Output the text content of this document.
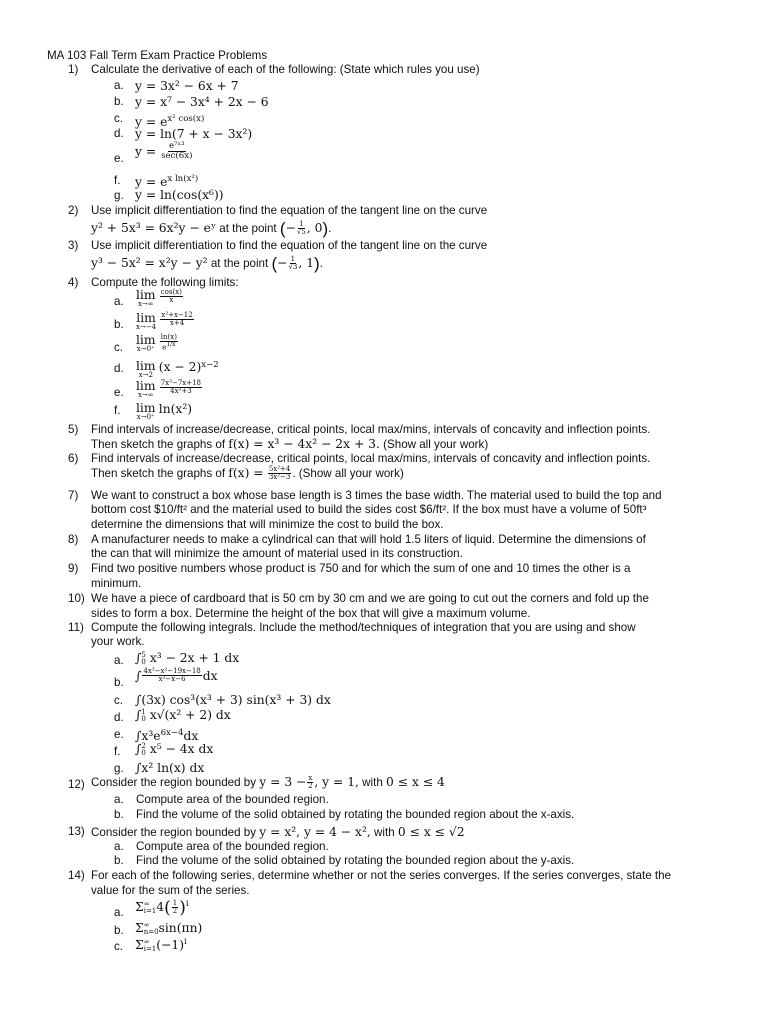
MA 103 Fall Term Exam Practice Problems
1) Calculate the derivative of each of the following: (State which rules you use)
a. y = 3x² − 6x + 7
b. y = x⁷ − 3x⁴ + 2x − 6
c. $y = e^{x^2 cos(x)}$
d. y = ln(7 + x − 3x²)
e. $y = \frac{\text{e⁷ˣ³}}{\sec(6x)}$
f. $y = e^{x ln(x^2)}$
g. y = ln(cos(x⁶))
2) Use implicit differentiation to find the equation of the tangent line on the curve
y² + 5x³ = 6x²y − eʸ at the point (− $\frac{1}{√5}$ , 0).
3) Use implicit differentiation to find the equation of the tangent line on the curve
y³ − 5x² = x²y − y² at the point (− $\frac{1}{√3}$ , 1).
4) Compute the following limits:
a. lim
x→∞
$\frac{\cos(x)}{x}$
b. lim
x→−4
$\frac{\text{x²+x−12}}{x+4}$
c.
lim
x→0⁺
$\frac{\ln(x)}{e^{1/x}}$
d. lim
x→2
$(x - 2)^{x-2}$
e. lim
x→∞
$\frac{\text{7x³−7x+18}}{\text{4x³+3}}$
f. lim
x→0⁺
ln(x²)
5) Find intervals of increase/decrease, critical points, local max/mins, intervals of concavity and inflection points.
Then sketch the graphs of f(x) = x³ − 4x² − 2x + 3. (Show all your work)
6) Find intervals of increase/decrease, critical points, local max/mins, intervals of concavity and inflection points.
Then sketch the graphs of $f(x) = \frac{\text{5x²+4}}{\text{3x²−3}}$ . (Show all your work)
7) We want to construct a box whose base length is 3 times the base width. The material used to build the top and
bottom cost $10/ft² and the material used to build the sides cost $6/ft². If the box must have a volume of 50ft³
determine the dimensions that will minimize the cost to build the box.
8) A manufacturer needs to make a cylindrical can that will hold 1.5 liters of liquid. Determine the dimensions of
the can that will minimize the amount of material used in its construction.
9) Find two positive numbers whose product is 750 and for which the sum of one and 10 times the other is a
minimum.
10) We have a piece of cardboard that is 50 cm by 30 cm and we are going to cut out the corners and fold up the
sides to form a box. Determine the height of the box that will give a maximum volume.
11) Compute the following integrals. Include the method/techniques of integration that you are using and show
your work.
a. ∫ 5
0 x³ − 2x + 1 dx
b. ∫ $\frac{\text{4x³−x²−19x−18}}{\text{x²−x−6}}$ dx
c. ∫(3x) cos³(x³ + 3) sin(x³ + 3) dx
d. ∫ 1
0 x√(x² + 2) dx
e. $\int x^3e^{6x-4}dx$
f. ∫ 2
0 x⁵ − 4x dx
g. ∫x² ln(x) dx
12) Consider the region bounded by $y = 3 - \frac{x}{2}$ , y = 1, with 0 ≤ x ≤ 4
a. Compute area of the bounded region.
b. Find the volume of the solid obtained by rotating the bounded region about the x-axis.
13) Consider the region bounded by y = x², y = 4 − x², with 0 ≤ x ≤ √2
a. Compute area of the bounded region.
b. Find the volume of the solid obtained by rotating the bounded region about the y-axis.
14) For each of the following series, determine whether or not the series converges. If the series converges, state the
value for the sum of the series.
a. Σ ∞
i=1 $4( \frac{1}{2} )^i$
b. Σ ∞
n=0 sin(πn)
c. Σ ∞
i=1 $(-1)^i$
